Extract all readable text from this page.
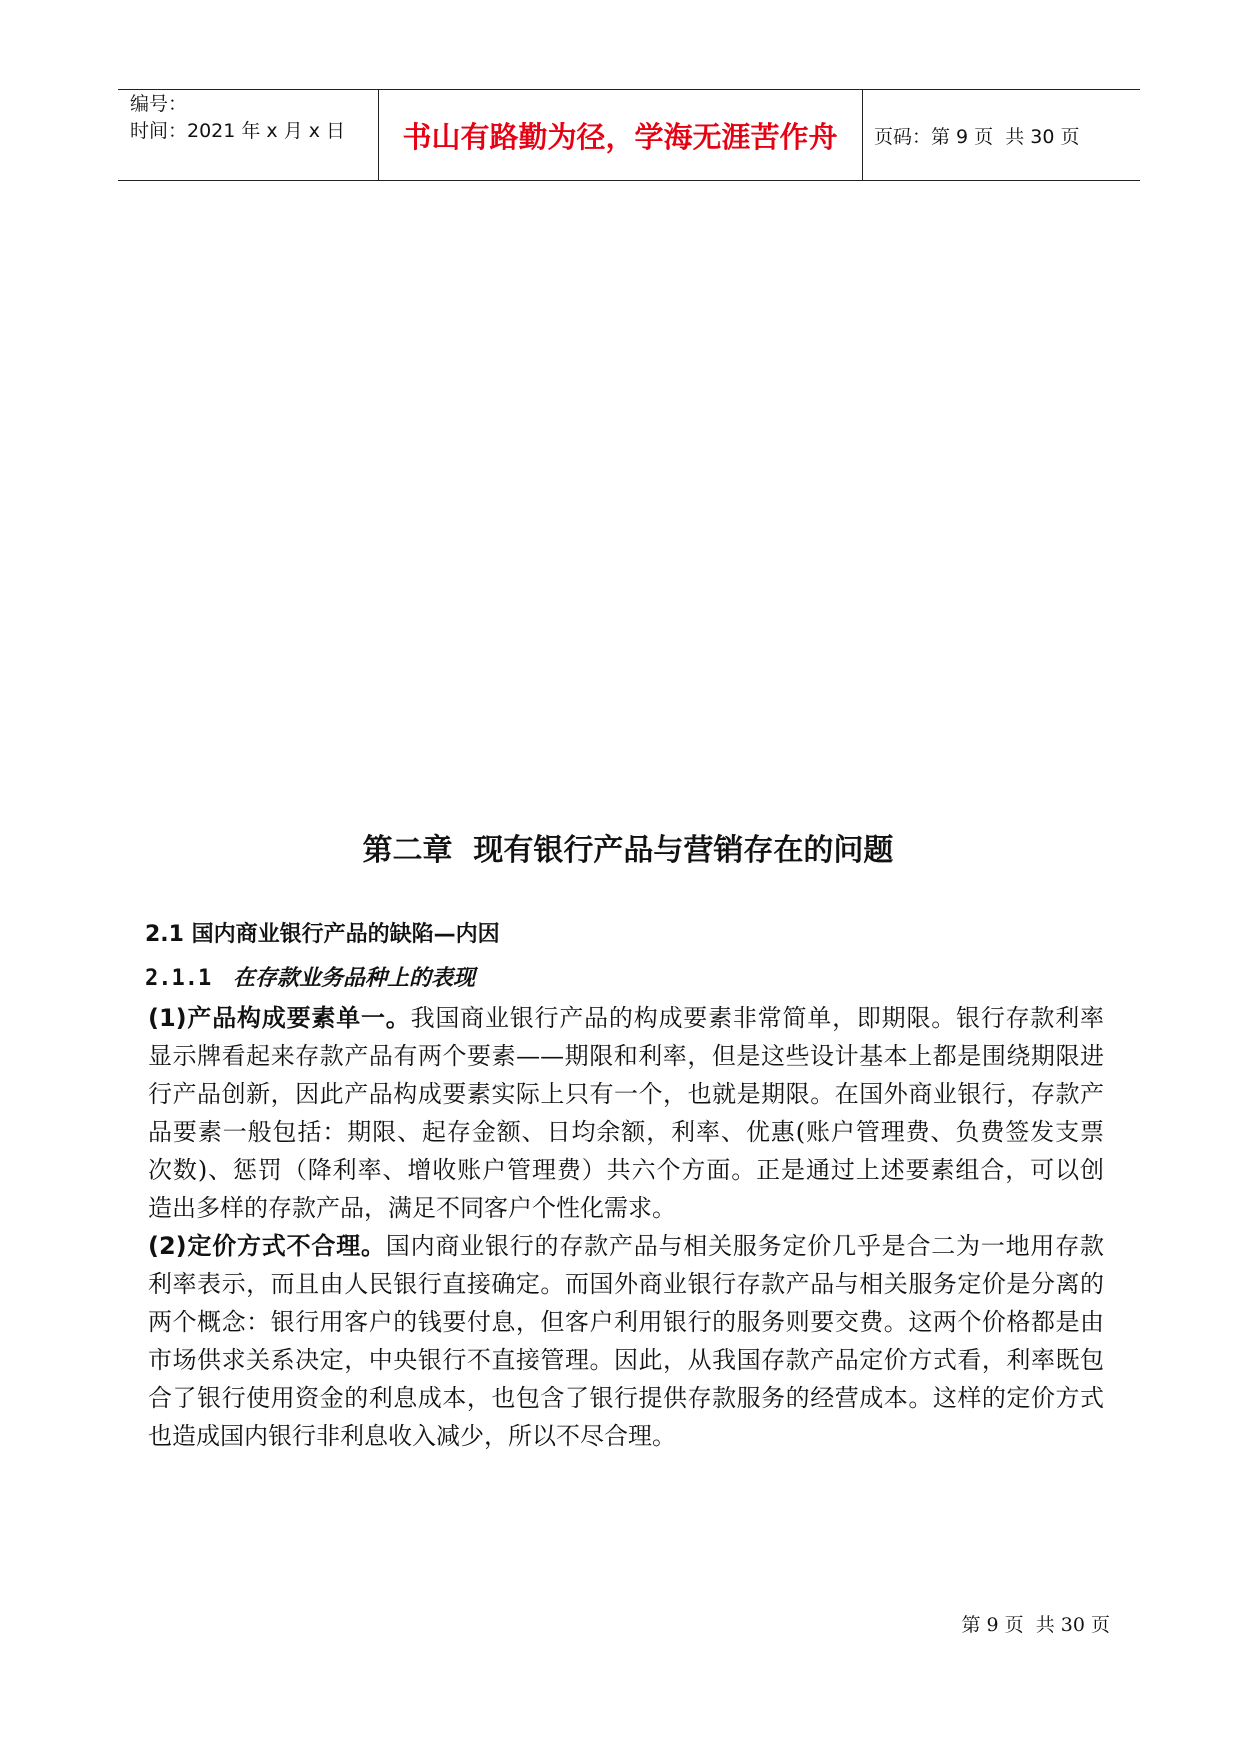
编号：
时间：2021 年 x 月 x 日	书山有路勤为径，学海无涯苦作舟	页码：第 9 页  共 30 页
第二章  现有银行产品与营销存在的问题
2.1 国内商业银行产品的缺陷—内因
2.1.1 在存款业务品种上的表现
(1)产品构成要素单一。我国商业银行产品的构成要素非常简单，即期限。银行存款利率
显示牌看起来存款产品有两个要素——期限和利率，但是这些设计基本上都是围绕期限进
行产品创新，因此产品构成要素实际上只有一个，也就是期限。在国外商业银行，存款产
品要素一般包括：期限、起存金额、日均余额，利率、优惠(账户管理费、负费签发支票
次数)、惩罚（降利率、增收账户管理费）共六个方面。正是通过上述要素组合，可以创
造出多样的存款产品，满足不同客户个性化需求。
(2)定价方式不合理。国内商业银行的存款产品与相关服务定价几乎是合二为一地用存款
利率表示，而且由人民银行直接确定。而国外商业银行存款产品与相关服务定价是分离的
两个概念：银行用客户的钱要付息，但客户利用银行的服务则要交费。这两个价格都是由
市场供求关系决定，中央银行不直接管理。因此，从我国存款产品定价方式看，利率既包
合了银行使用资金的利息成本，也包含了银行提供存款服务的经营成本。这样的定价方式
也造成国内银行非利息收入减少，所以不尽合理。
第 9 页  共 30 页
